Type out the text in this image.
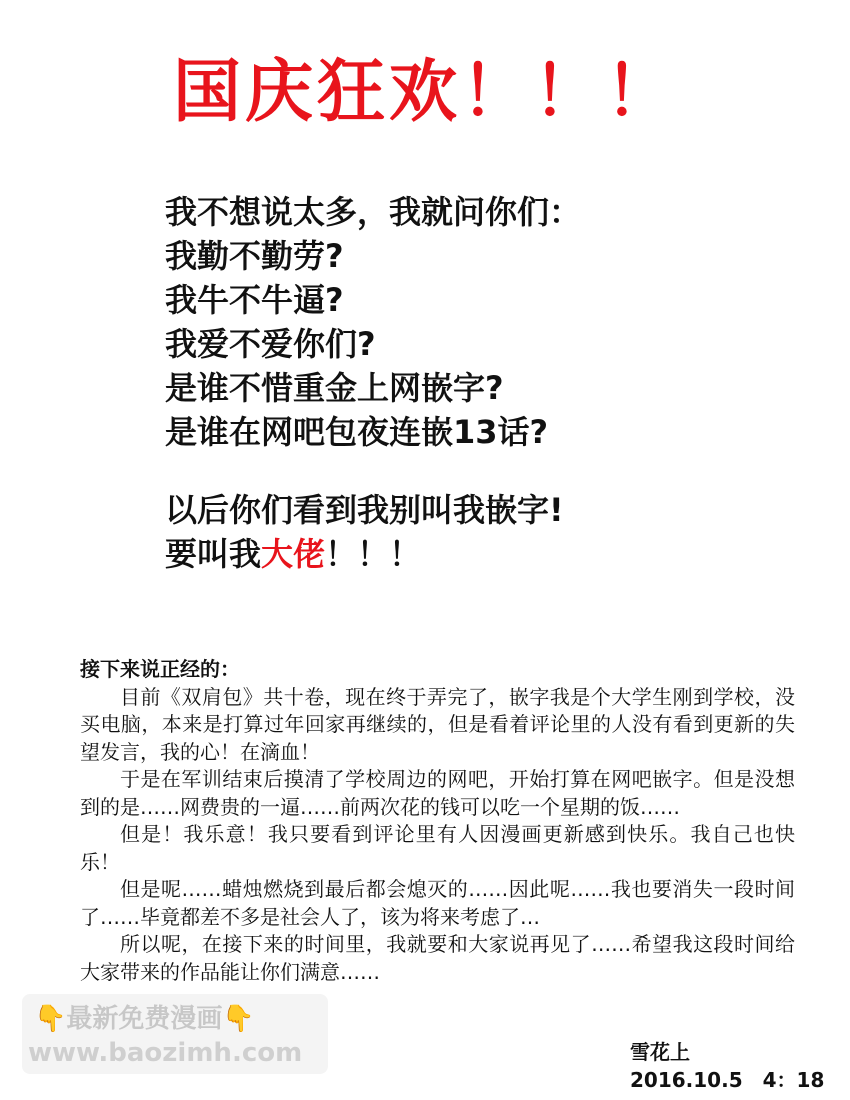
国庆狂欢！！！
我不想说太多，我就问你们：
我勤不勤劳?
我牛不牛逼?
我爱不爱你们?
是谁不惜重金上网嵌字?
是谁在网吧包夜连嵌13话?
以后你们看到我别叫我嵌字!
要叫我大佬！！！
接下来说正经的：
目前《双肩包》共十卷，现在终于弄完了，嵌字我是个大学生刚到学校，没买电脑，本来是打算过年回家再继续的，但是看着评论里的人没有看到更新的失望发言，我的心！在滴血！
于是在军训结束后摸清了学校周边的网吧，开始打算在网吧嵌字。但是没想到的是……网费贵的一逼……前两次花的钱可以吃一个星期的饭……
但是！我乐意！我只要看到评论里有人因漫画更新感到快乐。我自己也快乐！
但是呢……蜡烛燃烧到最后都会熄灭的……因此呢……我也要消失一段时间了……毕竟都差不多是社会人了，该为将来考虑了…
所以呢，在接下来的时间里，我就要和大家说再见了……希望我这段时间给大家带来的作品能让你们满意……
雪花上
2016.10.5　4：18
👇最新免费漫画👇
www.baozimh.com
